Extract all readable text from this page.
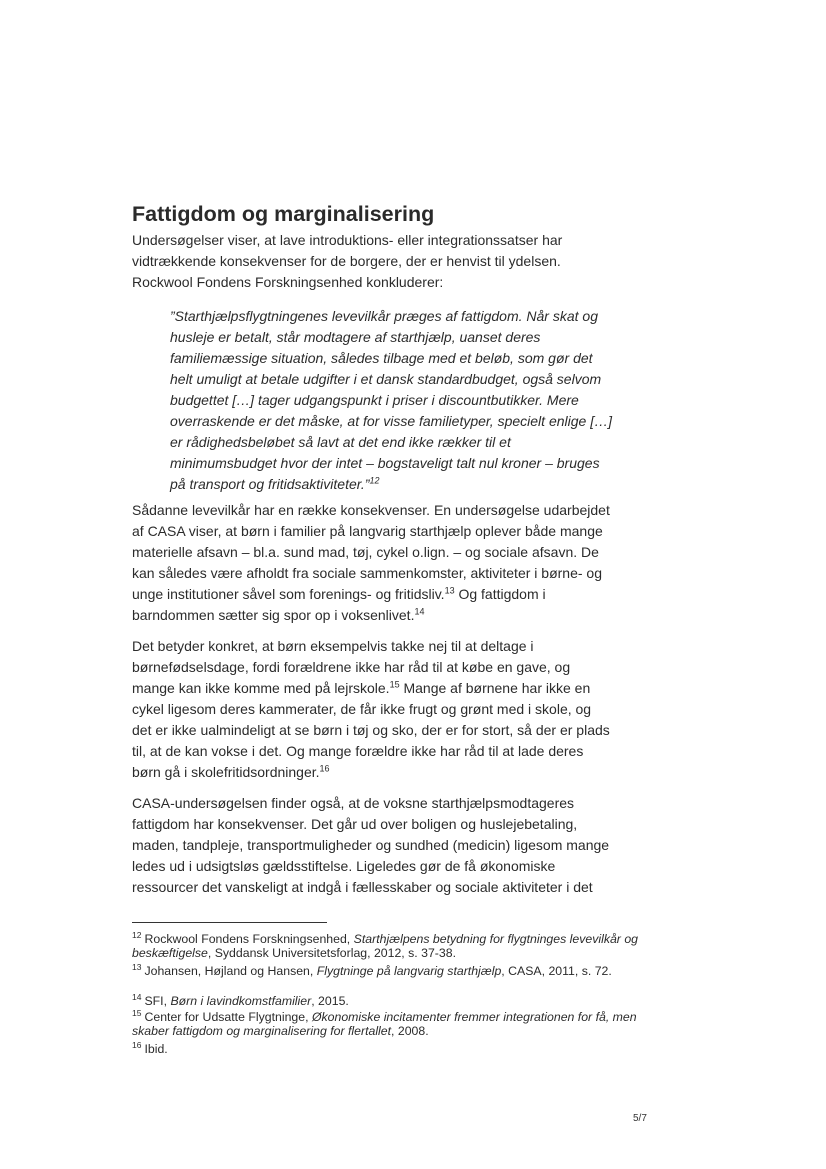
Fattigdom og marginalisering
Undersøgelser viser, at lave introduktions- eller integrationssatser har
vidtrækkende konsekvenser for de borgere, der er henvist til ydelsen.
Rockwool Fondens Forskningsenhed konkluderer:
”Starthjælpsflygtningenes levevilkår præges af fattigdom. Når skat og
husleje er betalt, står modtagere af starthjælp, uanset deres
familiemæssige situation, således tilbage med et beløb, som gør det
helt umuligt at betale udgifter i et dansk standardbudget, også selvom
budgettet […] tager udgangspunkt i priser i discountbutikker. Mere
overraskende er det måske, at for visse familietyper, specielt enlige […]
er rådighedsbeløbet så lavt at det end ikke rækker til et
minimumsbudget hvor der intet – bogstaveligt talt nul kroner – bruges
på transport og fritidsaktiviteter.”$^{12}$
Sådanne levevilkår har en række konsekvenser. En undersøgelse udarbejdet
af CASA viser, at børn i familier på langvarig starthjælp oplever både mange
materielle afsavn – bl.a. sund mad, tøj, cykel o.lign. – og sociale afsavn. De
kan således være afholdt fra sociale sammenkomster, aktiviteter i børne- og
unge institutioner såvel som forenings- og fritidsliv.$^{13}$ Og fattigdom i
barndommen sætter sig spor op i voksenlivet.$^{14}$
Det betyder konkret, at børn eksempelvis takke nej til at deltage i
børnefødselsdage, fordi forældrene ikke har råd til at købe en gave, og
mange kan ikke komme med på lejrskole.$^{15}$ Mange af børnene har ikke en
cykel ligesom deres kammerater, de får ikke frugt og grønt med i skole, og
det er ikke ualmindeligt at se børn i tøj og sko, der er for stort, så der er plads
til, at de kan vokse i det. Og mange forældre ikke har råd til at lade deres
børn gå i skolefritidsordninger.$^{16}$
CASA-undersøgelsen finder også, at de voksne starthjælpsmodtageres
fattigdom har konsekvenser. Det går ud over boligen og huslejebetaling,
maden, tandpleje, transportmuligheder og sundhed (medicin) ligesom mange
ledes ud i udsigtsløs gældsstiftelse. Ligeledes gør de få økonomiske
ressourcer det vanskeligt at indgå i fællesskaber og sociale aktiviteter i det
$^{12}$ Rockwool Fondens Forskningsenhed, Starthjælpens betydning for flygtninges levevilkår og beskæftigelse, Syddansk Universitetsforlag, 2012, s. 37-38.
$^{13}$ Johansen, Højland og Hansen, Flygtninge på langvarig starthjælp, CASA, 2011, s. 72.
$^{14}$ SFI, Børn i lavindkomstfamilier, 2015.
$^{15}$ Center for Udsatte Flygtninge, Økonomiske incitamenter fremmer integrationen for få, men skaber fattigdom og marginalisering for flertallet, 2008.
$^{16}$ Ibid.
5/7
